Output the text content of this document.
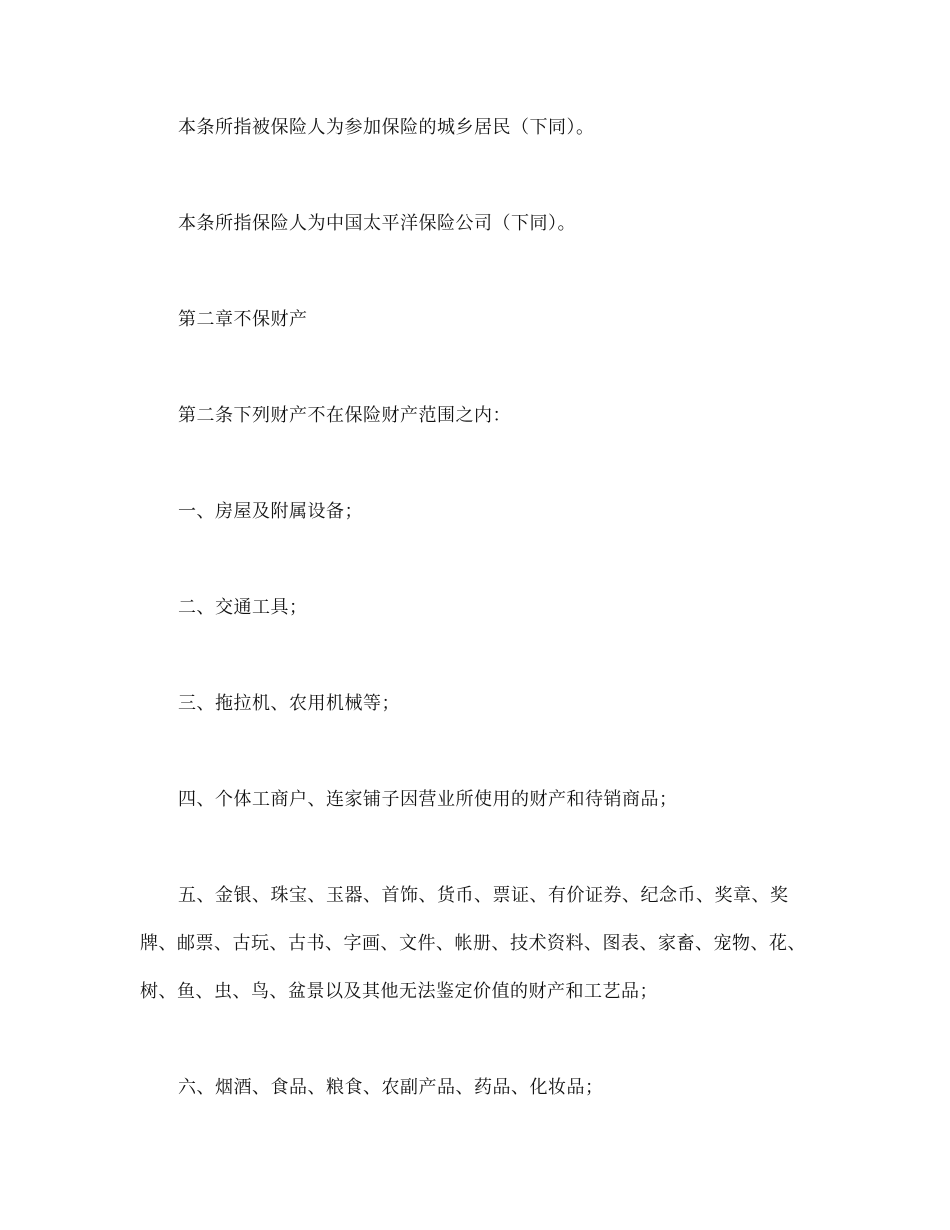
本条所指被保险人为参加保险的城乡居民（下同）。

本条所指保险人为中国太平洋保险公司（下同）。

第二章不保财产

第二条下列财产不在保险财产范围之内：

一、房屋及附属设备；

二、交通工具；

三、拖拉机、农用机械等；

四、个体工商户、连家铺子因营业所使用的财产和待销商品；

五、金银、珠宝、玉器、首饰、货币、票证、有价证券、纪念币、奖章、奖牌、邮票、古玩、古书、字画、文件、帐册、技术资料、图表、家畜、宠物、花、树、鱼、虫、鸟、盆景以及其他无法鉴定价值的财产和工艺品；

六、烟酒、食品、粮食、农副产品、药品、化妆品；
